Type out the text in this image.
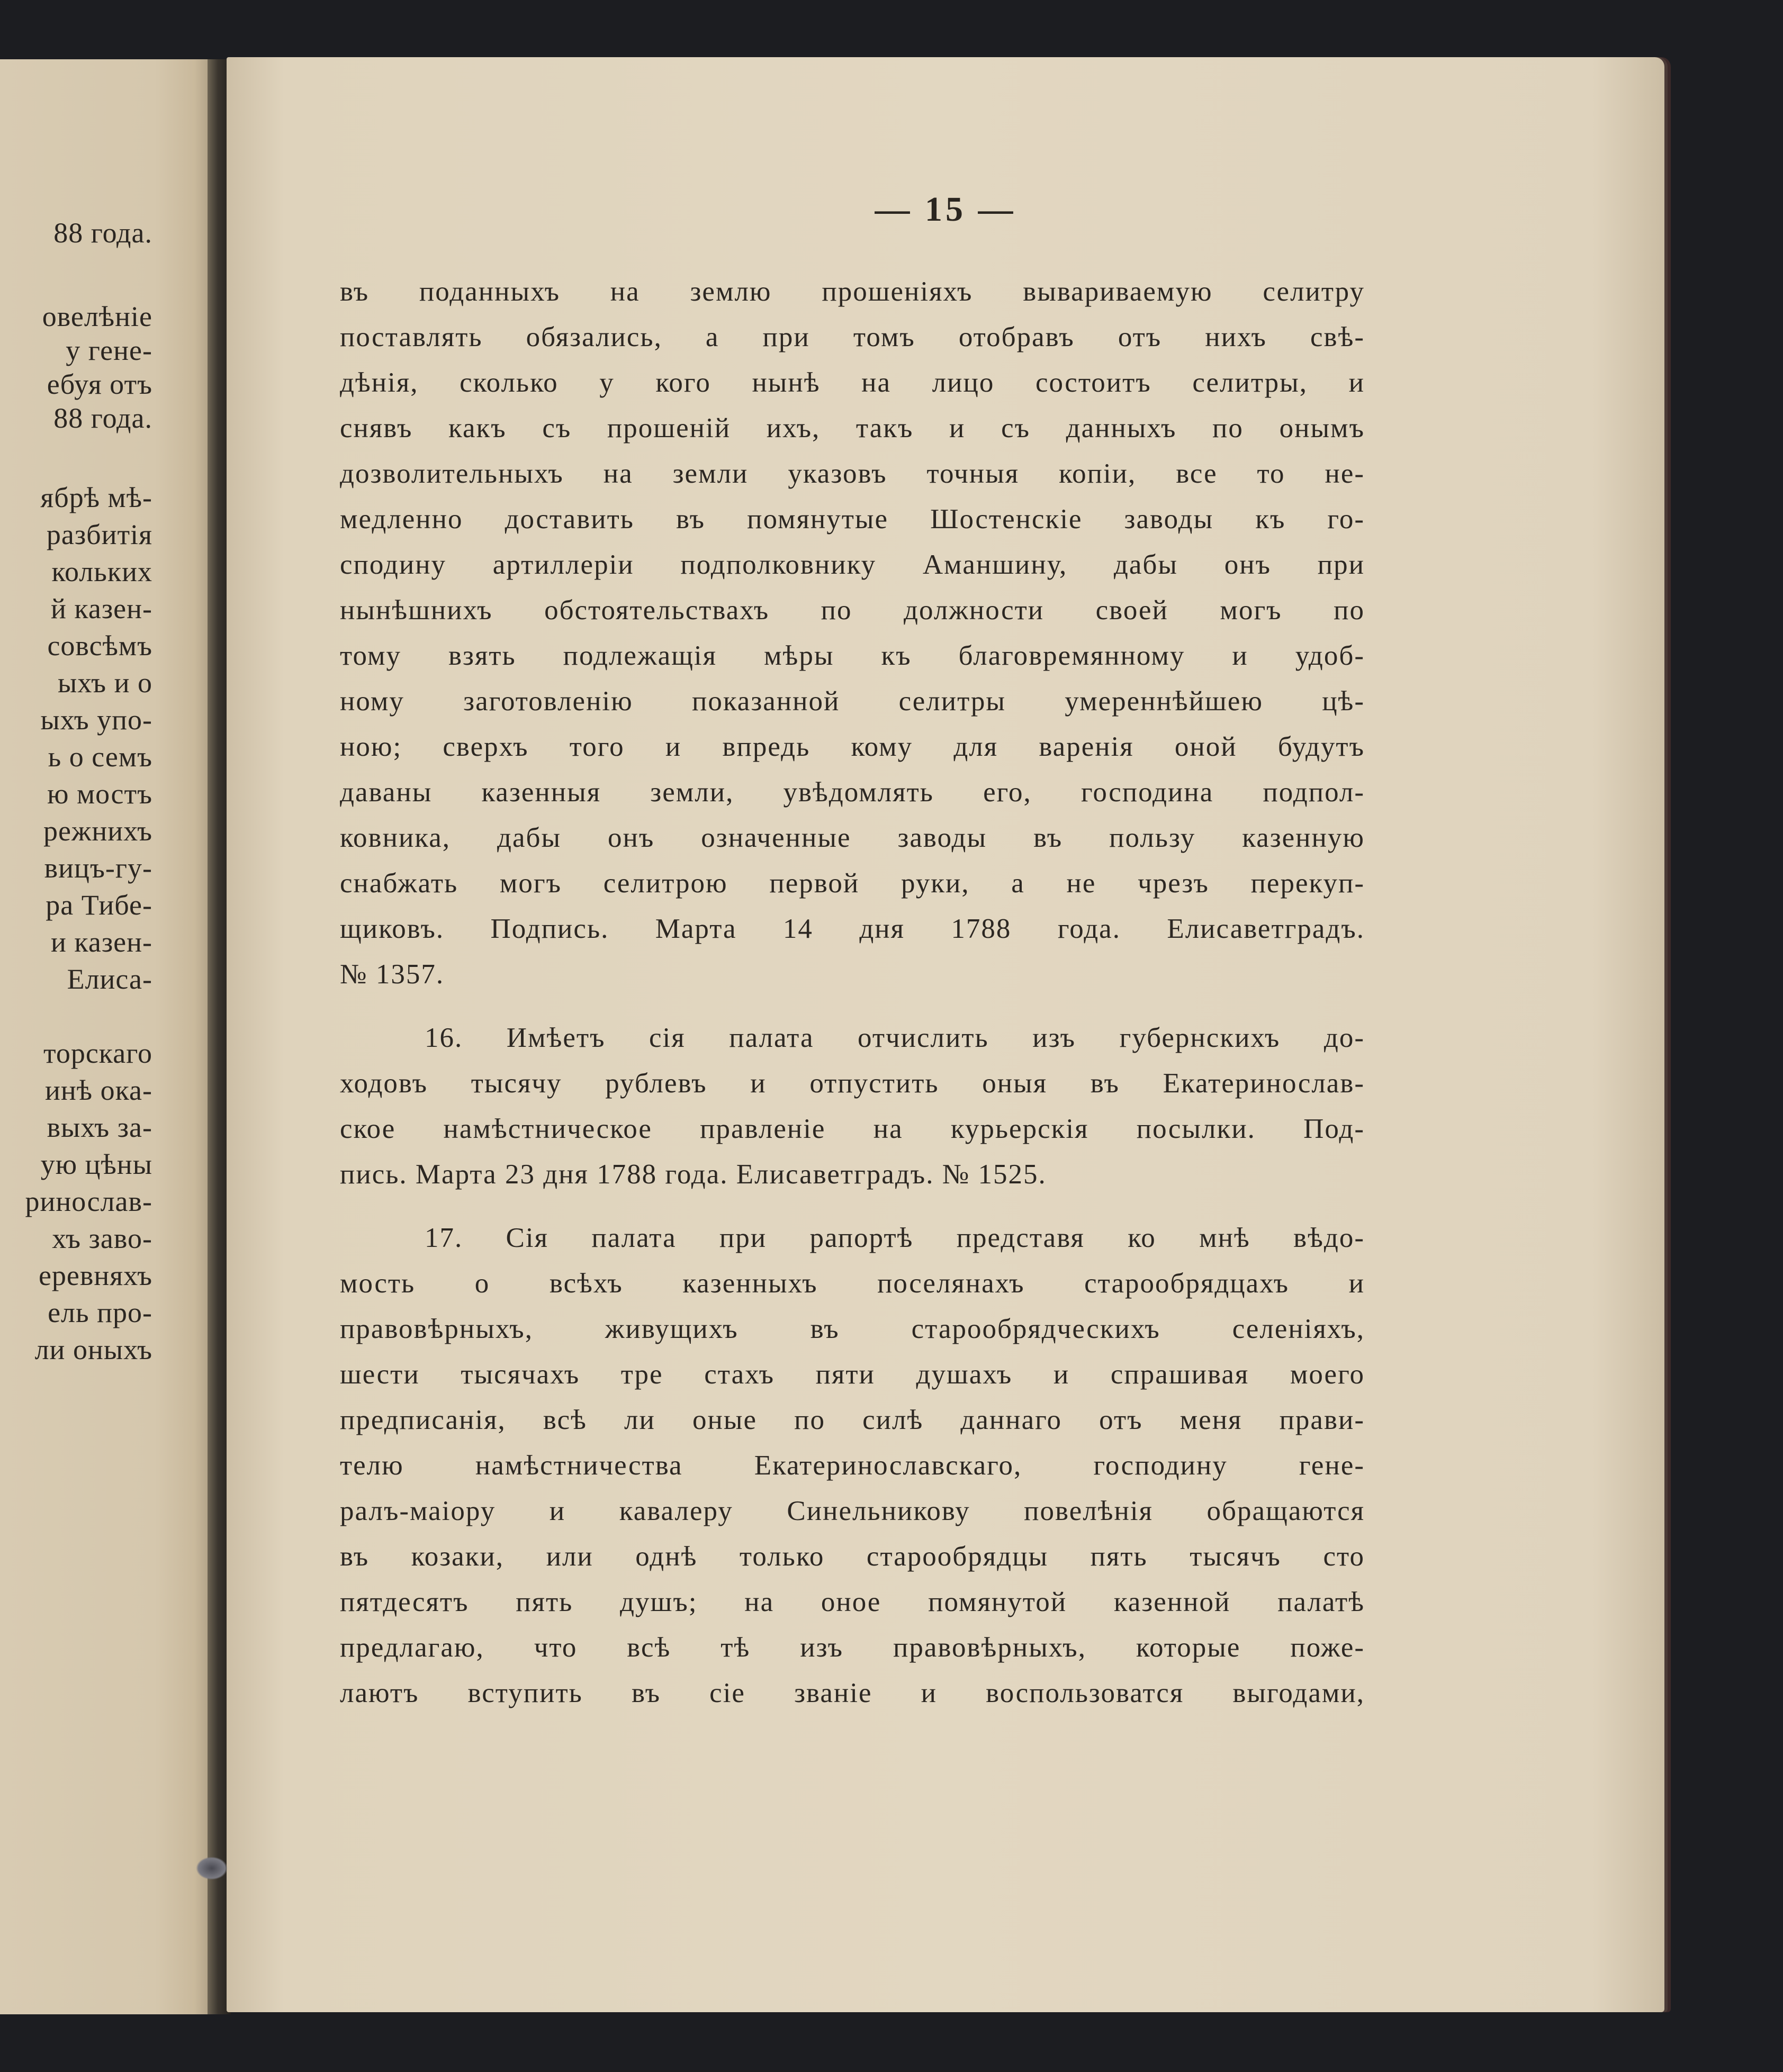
88 года.
овелѣніе
у гене-
ебуя отъ
88 года.
ябрѣ мѣ-
разбитія
кольких
й казен-
совсѣмъ
ыхъ и о
ыхъ упо-
ь о семъ
ю мостъ
режнихъ
вицъ-гу-
ра Тибе-
и казен-
Елиса-
торскаго
инѣ ока-
выхъ за-
ую цѣны
ринослав-
хъ заво-
еревняхъ
ель про-
ли оныхъ
— 15 —
въ поданныхъ на землю прошеніяхъ вывариваемую селитру
поставлять обязались, а при томъ отобравъ отъ нихъ свѣ-
дѣнія, сколько у кого нынѣ на лицо состоитъ селитры, и
снявъ какъ съ прошеній ихъ, такъ и съ данныхъ по онымъ
дозволительныхъ на земли указовъ точныя копіи, все то не-
медленно доставить въ помянутые Шостенскіе заводы къ го-
сподину артиллеріи подполковнику Аманшину, дабы онъ при
нынѣшнихъ обстоятельствахъ по должности своей могъ по
тому взять подлежащія мѣры къ благовремянному и удоб-
ному заготовленію показанной селитры умереннѣйшею цѣ-
ною; сверхъ того и впредь кому для варенія оной будутъ
даваны казенныя земли, увѣдомлять его, господина подпол-
ковника, дабы онъ означенные заводы въ пользу казенную
снабжать могъ селитрою первой руки, а не чрезъ перекуп-
щиковъ. Подпись. Марта 14 дня 1788 года. Елисаветградъ.
№ 1357.
16. Имѣетъ сія палата отчислить изъ губернскихъ до-
ходовъ тысячу рублевъ и отпустить оныя въ Екатеринослав-
ское намѣстническое правленіе на курьерскія посылки. Под-
пись. Марта 23 дня 1788 года. Елисаветградъ. № 1525.
17. Сія палата при рапортѣ представя ко мнѣ вѣдо-
мость о всѣхъ казенныхъ поселянахъ старообрядцахъ и
правовѣрныхъ, живущихъ въ старообрядческихъ селеніяхъ,
шести тысячахъ тре стахъ пяти душахъ и спрашивая моего
предписанія, всѣ ли оные по силѣ даннаго отъ меня прави-
телю намѣстничества Екатеринославскаго, господину гене-
ралъ-маіору и кавалеру Синельникову повелѣнія обращаются
въ козаки, или однѣ только старообрядцы пять тысячъ сто
пятдесятъ пять душъ; на оное помянутой казенной палатѣ
предлагаю, что всѣ тѣ изъ правовѣрныхъ, которые поже-
лаютъ вступить въ сіе званіе и воспользоватся выгодами,
